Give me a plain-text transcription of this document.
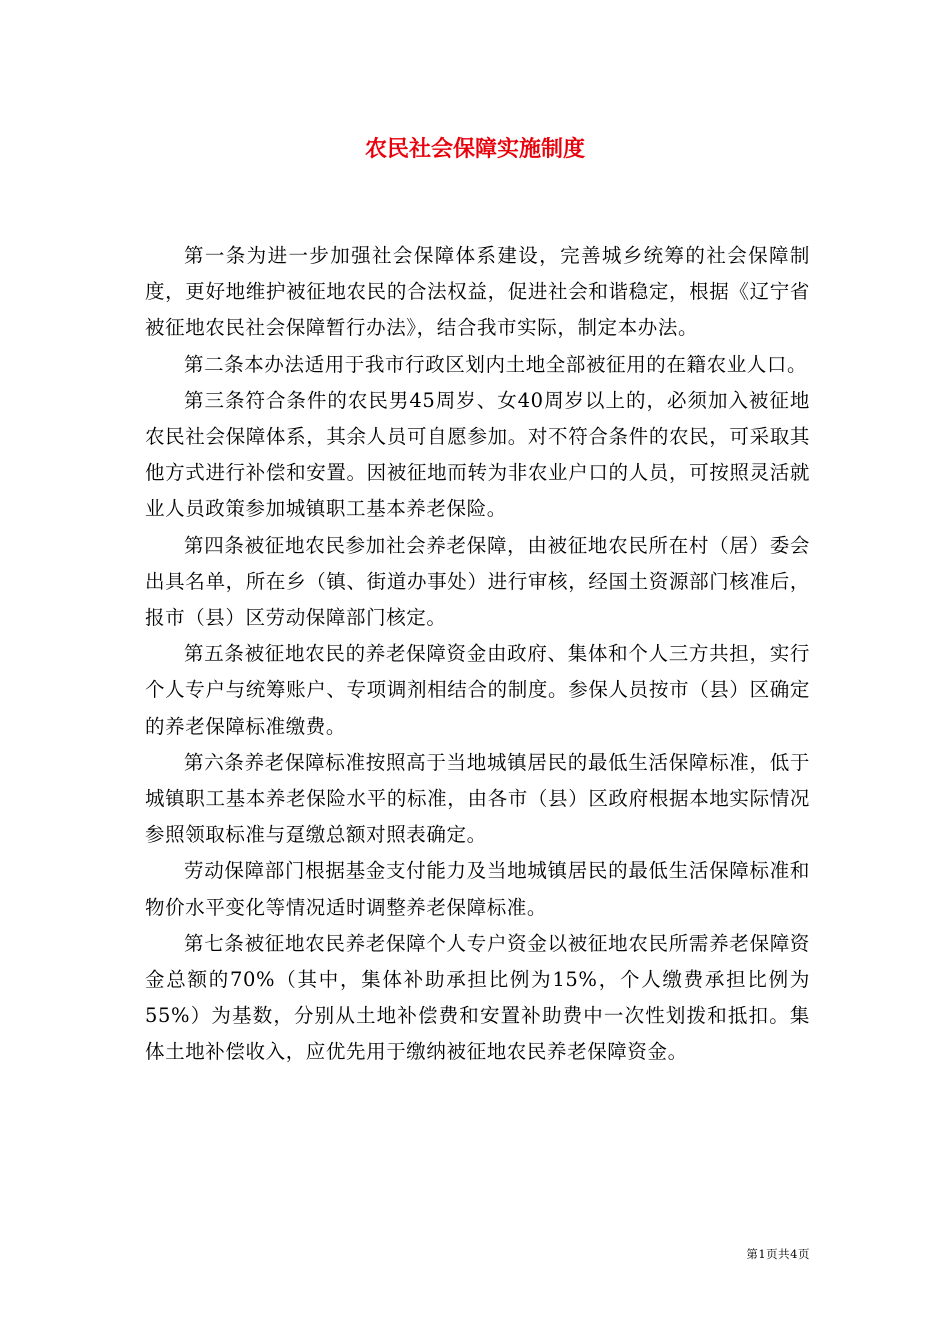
农民社会保障实施制度

第一条为进一步加强社会保障体系建设，完善城乡统筹的社会保障制度，更好地维护被征地农民的合法权益，促进社会和谐稳定，根据《辽宁省被征地农民社会保障暂行办法》，结合我市实际，制定本办法。

第二条本办法适用于我市行政区划内土地全部被征用的在籍农业人口。

第三条符合条件的农民男45周岁、女40周岁以上的，必须加入被征地农民社会保障体系，其余人员可自愿参加。对不符合条件的农民，可采取其他方式进行补偿和安置。因被征地而转为非农业户口的人员，可按照灵活就业人员政策参加城镇职工基本养老保险。

第四条被征地农民参加社会养老保障，由被征地农民所在村（居）委会出具名单，所在乡（镇、街道办事处）进行审核，经国土资源部门核准后，报市（县）区劳动保障部门核定。

第五条被征地农民的养老保障资金由政府、集体和个人三方共担，实行个人专户与统筹账户、专项调剂相结合的制度。参保人员按市（县）区确定的养老保障标准缴费。

第六条养老保障标准按照高于当地城镇居民的最低生活保障标准，低于城镇职工基本养老保险水平的标准，由各市（县）区政府根据本地实际情况参照领取标准与趸缴总额对照表确定。

劳动保障部门根据基金支付能力及当地城镇居民的最低生活保障标准和物价水平变化等情况适时调整养老保障标准。

第七条被征地农民养老保障个人专户资金以被征地农民所需养老保障资金总额的70%（其中，集体补助承担比例为15%，个人缴费承担比例为55%）为基数，分别从土地补偿费和安置补助费中一次性划拨和抵扣。集体土地补偿收入，应优先用于缴纳被征地农民养老保障资金。

第1页共4页
